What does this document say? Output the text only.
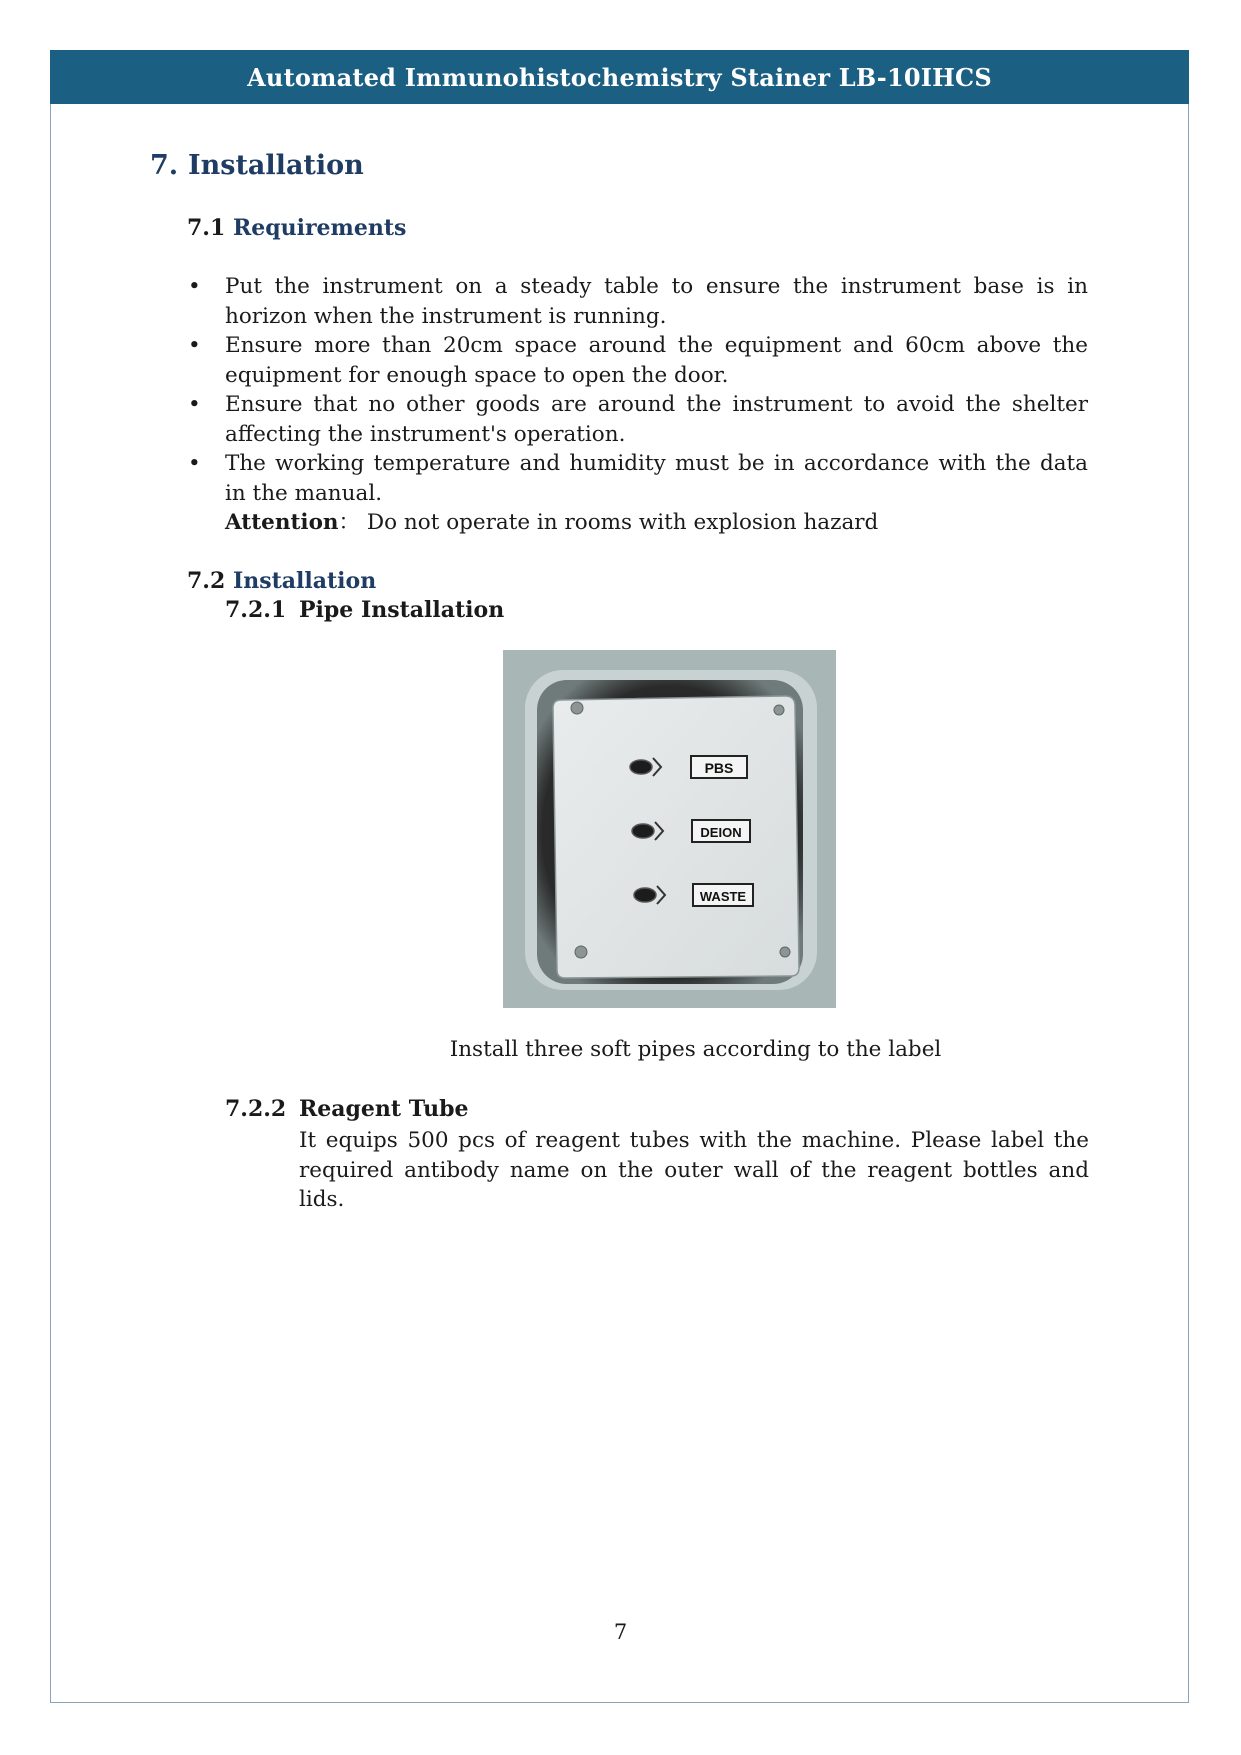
Automated Immunohistochemistry Stainer LB-10IHCS
7. Installation
7.1 Requirements
• Put the instrument on a steady table to ensure the instrument base is in horizon when the instrument is running.
• Ensure more than 20cm space around the equipment and 60cm above the equipment for enough space to open the door.
• Ensure that no other goods are around the instrument to avoid the shelter affecting the instrument's operation.
• The working temperature and humidity must be in accordance with the data in the manual.
Attention： Do not operate in rooms with explosion hazard
7.2 Installation
7.2.1 Pipe Installation
PBS
DEION
WASTE
Install three soft pipes according to the label
7.2.2 Reagent Tube
It equips 500 pcs of reagent tubes with the machine. Please label the required antibody name on the outer wall of the reagent bottles and lids.
7
